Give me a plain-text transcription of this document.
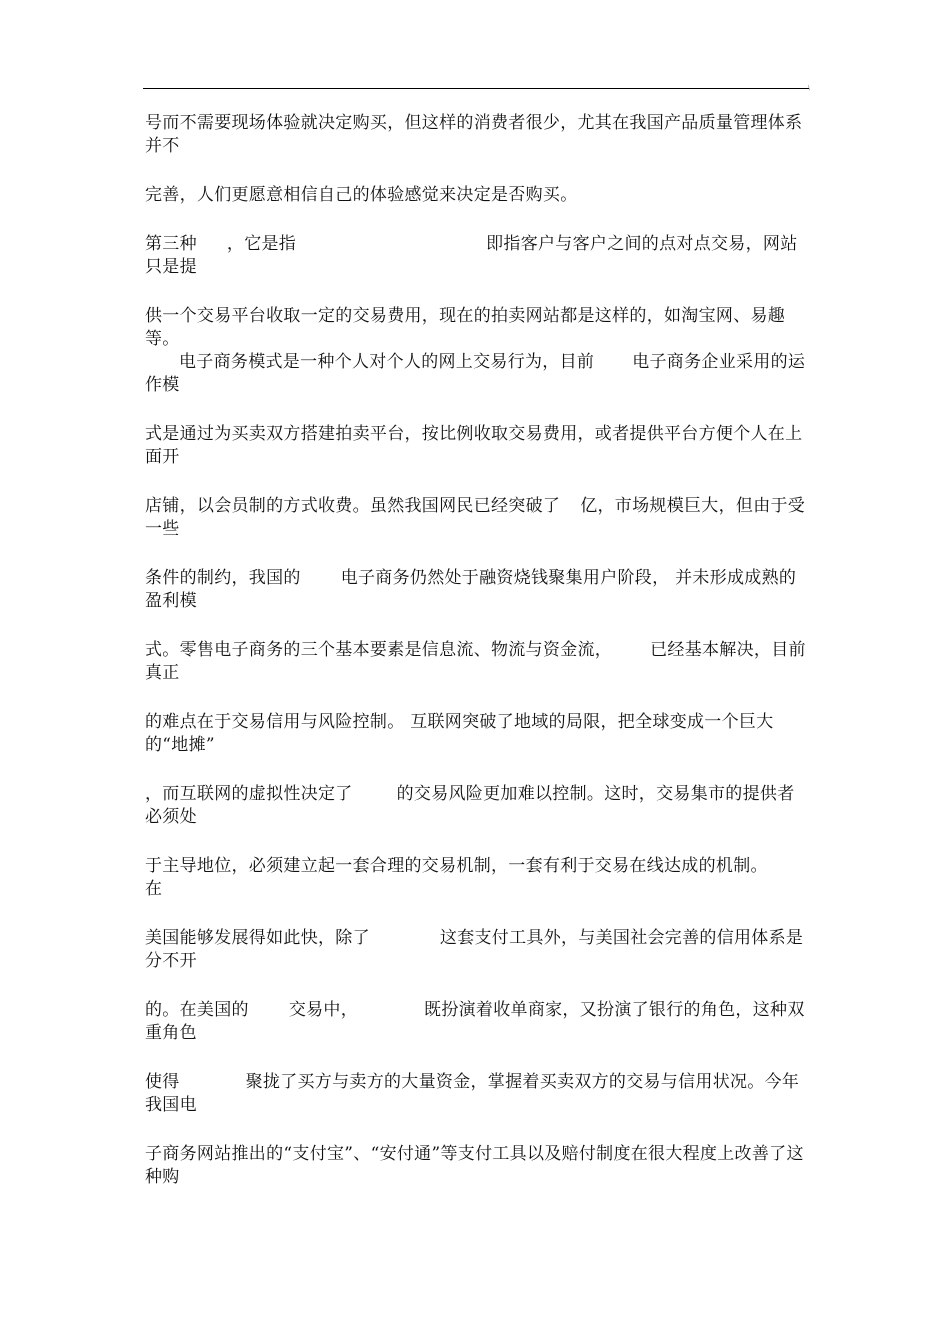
\

号而不需要现场体验就决定购买，但这样的消费者很少，尤其在我国产品质量管理体系并不

完善，人们更愿意相信自己的体验感觉来决定是否购买。

第三种 ，它是指	即指客户与客户之间的点对点交易，网站只是提

供一个交易平台收取一定的交易费用，现在的拍卖网站都是这样的，如淘宝网、易趣等。

电子商务模式是一种个人对个人的网上交易行为，目前 电子商务企业采用的运作模

式是通过为买卖双方搭建拍卖平台，按比例收取交易费用，或者提供平台方便个人在上面开

店铺，以会员制的方式收费。虽然我国网民已经突破了 亿，市场规模巨大，但由于受一些

条件的制约，我国的 电子商务仍然处于融资烧钱聚集用户阶段， 并未形成成熟的盈利模

式。零售电子商务的三个基本要素是信息流、物流与资金流， 已经基本解决，目前真正

的难点在于交易信用与风险控制。 互联网突破了地域的局限，把全球变成一个巨大的“地摊”

，而互联网的虚拟性决定了	的交易风险更加难以控制。这时，交易集市的提供者必须处

于主导地位，必须建立起一套合理的交易机制，一套有利于交易在线达成的机制。在

美国能够发展得如此快，除了	这套支付工具外，与美国社会完善的信用体系是分不开

的。在美国的 交易中，	既扮演着收单商家，又扮演了银行的角色，这种双重角色

使得	聚拢了买方与卖方的大量资金，掌握着买卖双方的交易与信用状况。今年我国电

子商务网站推出的“支付宝”、“安付通”等支付工具以及赔付制度在很大程度上改善了这种购
